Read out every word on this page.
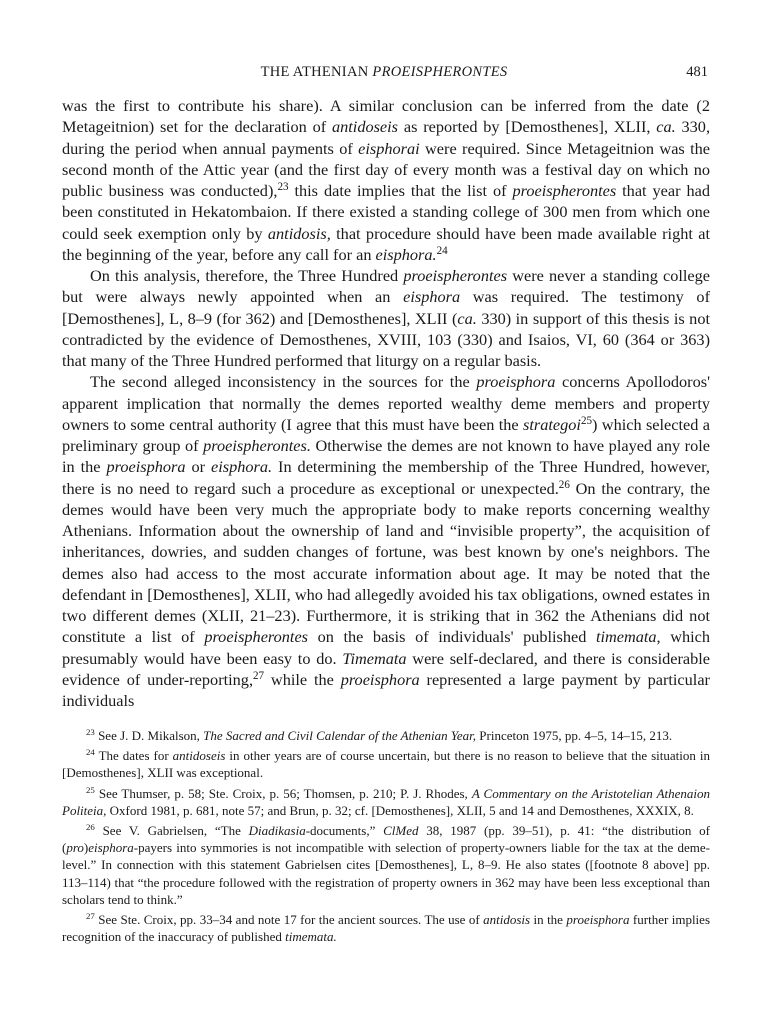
THE ATHENIAN PROEISPHERONTES	481

was the first to contribute his share). A similar conclusion can be inferred from the date (2 Metageitnion) set for the declaration of antidoseis as reported by [Demosthenes], XLII, ca. 330, during the period when annual payments of eisphorai were required. Since Metageitnion was the second month of the Attic year (and the first day of every month was a festival day on which no public business was conducted),$^{23}$ this date implies that the list of proeispherontes that year had been constituted in Hekatombaion. If there existed a standing college of 300 men from which one could seek exemption only by antidosis, that procedure should have been made available right at the beginning of the year, before any call for an eisphora.$^{24}$

On this analysis, therefore, the Three Hundred proeispherontes were never a standing college but were always newly appointed when an eisphora was required. The testimony of [Demosthenes], L, 8–9 (for 362) and [Demosthenes], XLII (ca. 330) in support of this thesis is not contradicted by the evidence of Demosthenes, XVIII, 103 (330) and Isaios, VI, 60 (364 or 363) that many of the Three Hundred performed that liturgy on a regular basis.

The second alleged inconsistency in the sources for the proeisphora concerns Apollodoros' apparent implication that normally the demes reported wealthy deme members and property owners to some central authority (I agree that this must have been the strategoi$^{25}$) which selected a preliminary group of proeispherontes. Otherwise the demes are not known to have played any role in the proeisphora or eisphora. In determining the membership of the Three Hundred, however, there is no need to regard such a procedure as exceptional or unexpected.$^{26}$ On the contrary, the demes would have been very much the appropriate body to make reports concerning wealthy Athenians. Information about the ownership of land and “invisible property”, the acquisition of inheritances, dowries, and sudden changes of fortune, was best known by one's neighbors. The demes also had access to the most accurate information about age. It may be noted that the defendant in [Demosthenes], XLII, who had allegedly avoided his tax obligations, owned estates in two different demes (XLII, 21–23). Furthermore, it is striking that in 362 the Athenians did not constitute a list of proeispherontes on the basis of individuals' published timemata, which presumably would have been easy to do. Timemata were self-declared, and there is considerable evidence of under-reporting,$^{27}$ while the proeisphora represented a large payment by particular individuals

$^{23}$ See J. D. Mikalson, The Sacred and Civil Calendar of the Athenian Year, Princeton 1975, pp. 4–5, 14–15, 213.

$^{24}$ The dates for antidoseis in other years are of course uncertain, but there is no reason to believe that the situation in [Demosthenes], XLII was exceptional.

$^{25}$ See Thumser, p. 58; Ste. Croix, p. 56; Thomsen, p. 210; P. J. Rhodes, A Commentary on the Aristotelian Athenaion Politeia, Oxford 1981, p. 681, note 57; and Brun, p. 32; cf. [Demosthenes], XLII, 5 and 14 and Demosthenes, XXXIX, 8.

$^{26}$ See V. Gabrielsen, “The Diadikasia-documents,” ClMed 38, 1987 (pp. 39–51), p. 41: “the distribution of (pro)eisphora-payers into symmories is not incompatible with selection of property-owners liable for the tax at the deme-level.” In connection with this statement Gabrielsen cites [Demosthenes], L, 8–9. He also states ([footnote 8 above] pp. 113–114) that “the procedure followed with the registration of property owners in 362 may have been less exceptional than scholars tend to think.”

$^{27}$ See Ste. Croix, pp. 33–34 and note 17 for the ancient sources. The use of antidosis in the proeisphora further implies recognition of the inaccuracy of published timemata.
